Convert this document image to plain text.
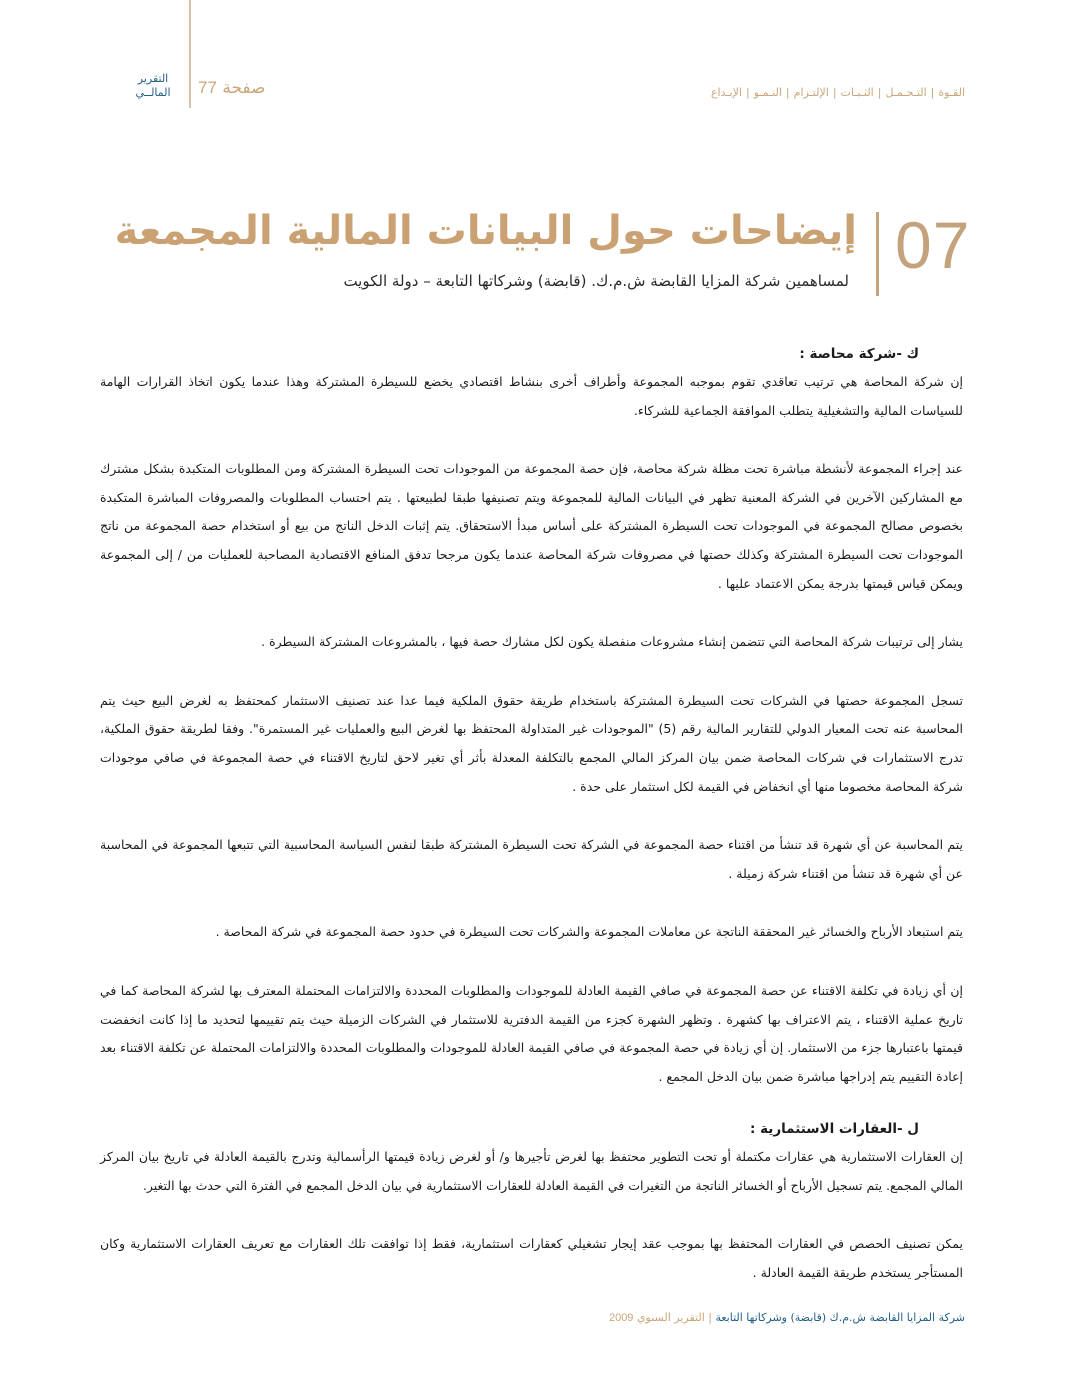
التقرير المالــي	صفحة 77	القـوة|التـحـمـل|الثـبـات|الإلتـزام|النـمـو|الإبـداع
07
إيضاحات حول البيانات المالية المجمعة
لمساهمين شركة المزايا القابضة ش.م.ك. (قابضة) وشركاتها التابعة – دولة الكويت
ك -شركة محاصة :

إن شركة المحاصة هي ترتيب تعاقدي تقوم بموجبه المجموعة وأطراف أخرى بنشاط اقتصادي يخضع للسيطرة المشتركة وهذا عندما يكون اتخاذ القرارات الهامة للسياسات المالية والتشغيلية يتطلب الموافقة الجماعية للشركاء.

عند إجراء المجموعة لأنشطة مباشرة تحت مظلة شركة محاصة، فإن حصة المجموعة من الموجودات تحت السيطرة المشتركة ومن المطلوبات المتكبدة بشكل مشترك مع المشاركين الآخرين في الشركة المعنية تظهر في البيانات المالية للمجموعة ويتم تصنيفها طبقا لطبيعتها . يتم احتساب المطلوبات والمصروفات المباشرة المتكبدة بخصوص مصالح المجموعة في الموجودات تحت السيطرة المشتركة على أساس مبدأ الاستحقاق. يتم إثبات الدخل الناتج من بيع أو استخدام حصة المجموعة من ناتج الموجودات تحت السيطرة المشتركة وكذلك حصتها في مصروفات شركة المحاصة عندما يكون مرجحا تدفق المنافع الاقتصادية المصاحبة للعمليات من / إلى المجموعة ويمكن قياس قيمتها بدرجة يمكن الاعتماد عليها .

يشار إلى ترتيبات شركة المحاصة التي تتضمن إنشاء مشروعات منفصلة يكون لكل مشارك حصة فيها ، بالمشروعات المشتركة السيطرة .

تسجل المجموعة حصتها في الشركات تحت السيطرة المشتركة باستخدام طريقة حقوق الملكية فيما عدا عند تصنيف الاستثمار كمحتفظ به لغرض البيع حيث يتم المحاسبة عنه تحت المعيار الدولي للتقارير المالية رقم (5) "الموجودات غير المتداولة المحتفظ بها لغرض البيع والعمليات غير المستمرة". وفقا لطريقة حقوق الملكية، تدرج الاستثمارات في شركات المحاصة ضمن بيان المركز المالي المجمع بالتكلفة المعدلة بأثر أي تغير لاحق لتاريخ الاقتناء في حصة المجموعة في صافي موجودات شركة المحاصة مخصوما منها أي انخفاض في القيمة لكل استثمار على حدة .

يتم المحاسبة عن أي شهرة قد تنشأ من اقتناء حصة المجموعة في الشركة تحت السيطرة المشتركة طبقا لنفس السياسة المحاسبية التي تتبعها المجموعة في المحاسبة عن أي شهرة قد تنشأ من اقتناء شركة زميلة .

يتم استبعاد الأرباح والخسائر غير المحققة الناتجة عن معاملات المجموعة والشركات تحت السيطرة في حدود حصة المجموعة في شركة المحاصة .

إن أي زيادة في تكلفة الاقتناء عن حصة المجموعة في صافي القيمة العادلة للموجودات والمطلوبات المحددة والالتزامات المحتملة المعترف بها لشركة المحاصة كما في تاريخ عملية الاقتناء ، يتم الاعتراف بها كشهرة . وتظهر الشهرة كجزء من القيمة الدفترية للاستثمار في الشركات الزميلة حيث يتم تقييمها لتحديد ما إذا كانت انخفضت قيمتها باعتبارها جزء من الاستثمار. إن أي زيادة في حصة المجموعة في صافي القيمة العادلة للموجودات والمطلوبات المحددة والالتزامات المحتملة عن تكلفة الاقتناء بعد إعادة التقييم يتم إدراجها مباشرة ضمن بيان الدخل المجمع .

ل -العقارات الاستثمارية :

إن العقارات الاستثمارية هي عقارات مكتملة أو تحت التطوير محتفظ بها لغرض تأجيرها و/ أو لغرض زيادة قيمتها الرأسمالية وتدرج بالقيمة العادلة في تاريخ بيان المركز المالي المجمع. يتم تسجيل الأرباح أو الخسائر الناتجة من التغيرات في القيمة العادلة للعقارات الاستثمارية في بيان الدخل المجمع في الفترة التي حدث بها التغير.

يمكن تصنيف الحصص في العقارات المحتفظ بها بموجب عقد إيجار تشغيلي كعقارات استثمارية، فقط إذا توافقت تلك العقارات مع تعريف العقارات الاستثمارية وكان المستأجر يستخدم طريقة القيمة العادلة .

شركة المزايا القابضة ش.م.ك (قابضة) وشركاتها التابعة | التقرير السنوي 2009
